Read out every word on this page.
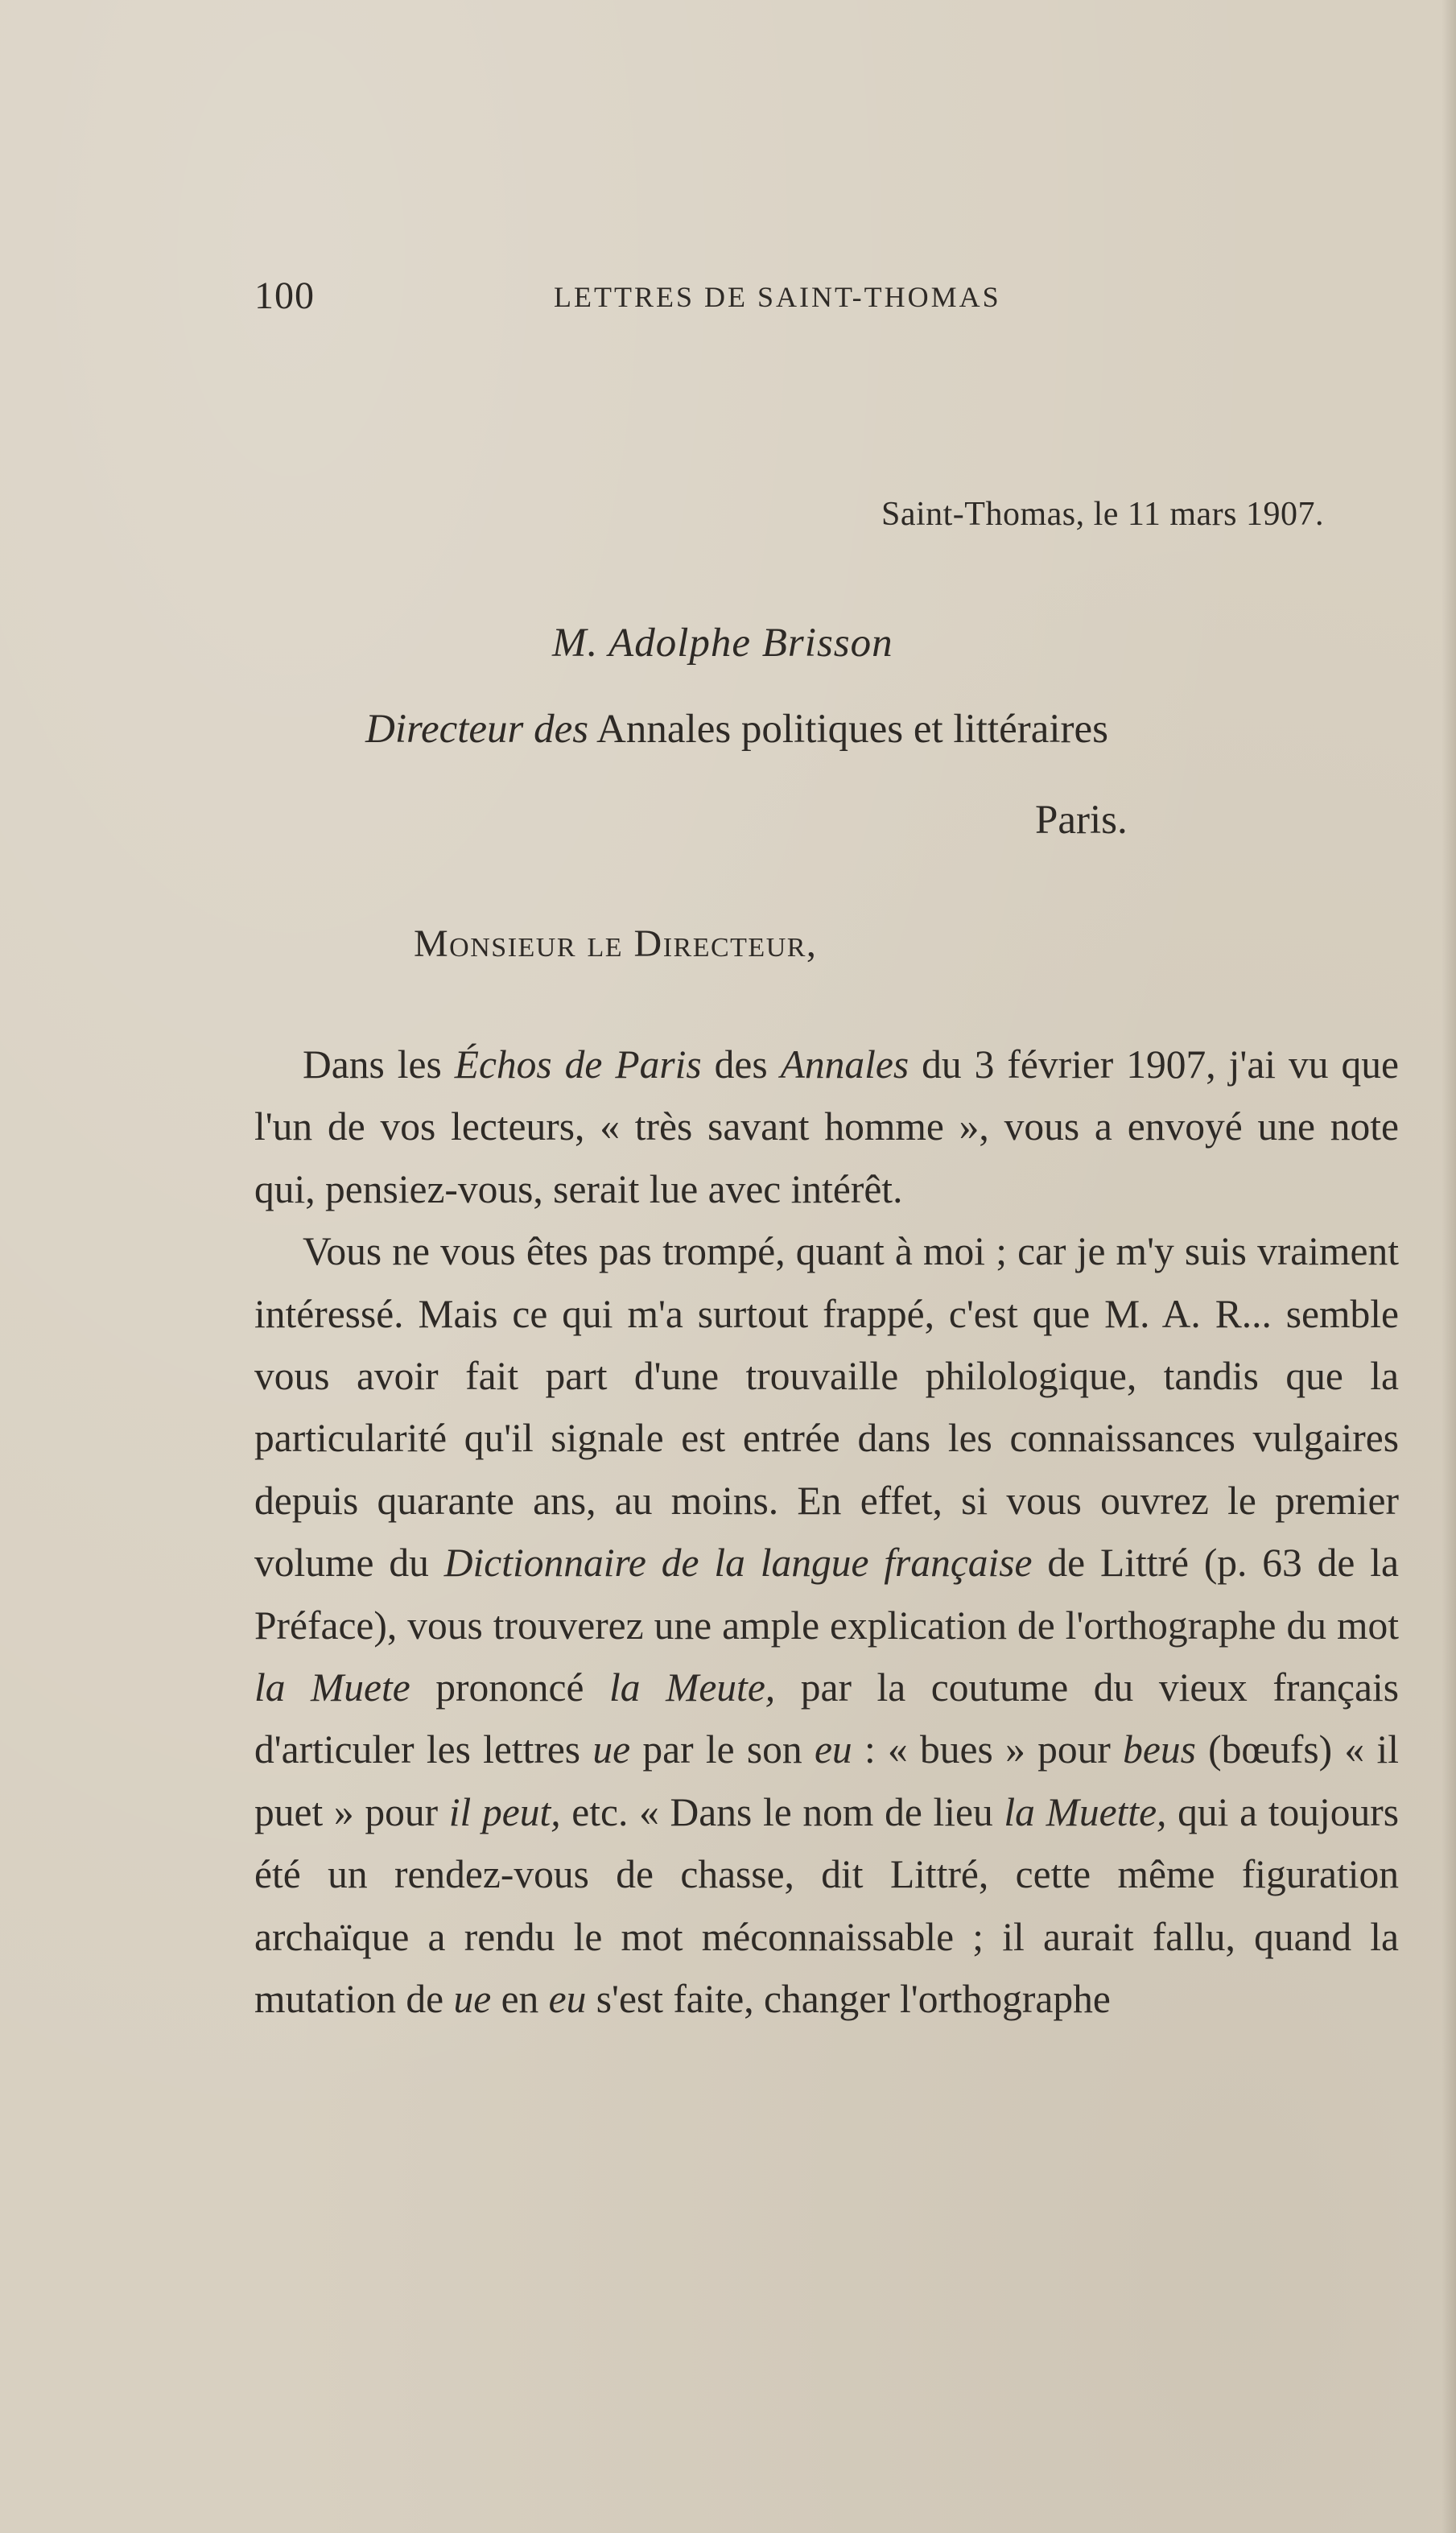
100	LETTRES DE SAINT-THOMAS
Saint-Thomas, le 11 mars 1907.
M. Adolphe Brisson
Directeur des Annales politiques et littéraires
Paris.
Monsieur le Directeur,

Dans les Échos de Paris des Annales du 3 février 1907, j'ai vu que l'un de vos lecteurs, « très savant homme », vous a envoyé une note qui, pensiez-vous, serait lue avec intérêt.

Vous ne vous êtes pas trompé, quant à moi ; car je m'y suis vraiment intéressé. Mais ce qui m'a surtout frappé, c'est que M. A. R... semble vous avoir fait part d'une trouvaille philologique, tandis que la particularité qu'il signale est entrée dans les connaissances vulgaires depuis quarante ans, au moins. En effet, si vous ouvrez le premier volume du Dictionnaire de la langue française de Littré (p. 63 de la Préface), vous trouverez une ample explication de l'orthographe du mot la Muete prononcé la Meute, par la coutume du vieux français d'articuler les lettres ue par le son eu : « bues » pour beus (bœufs) « il puet » pour il peut, etc. « Dans le nom de lieu la Muette, qui a toujours été un rendez-vous de chasse, dit Littré, cette même figuration archaïque a rendu le mot méconnaissable ; il aurait fallu, quand la mutation de ue en eu s'est faite, changer l'orthographe
